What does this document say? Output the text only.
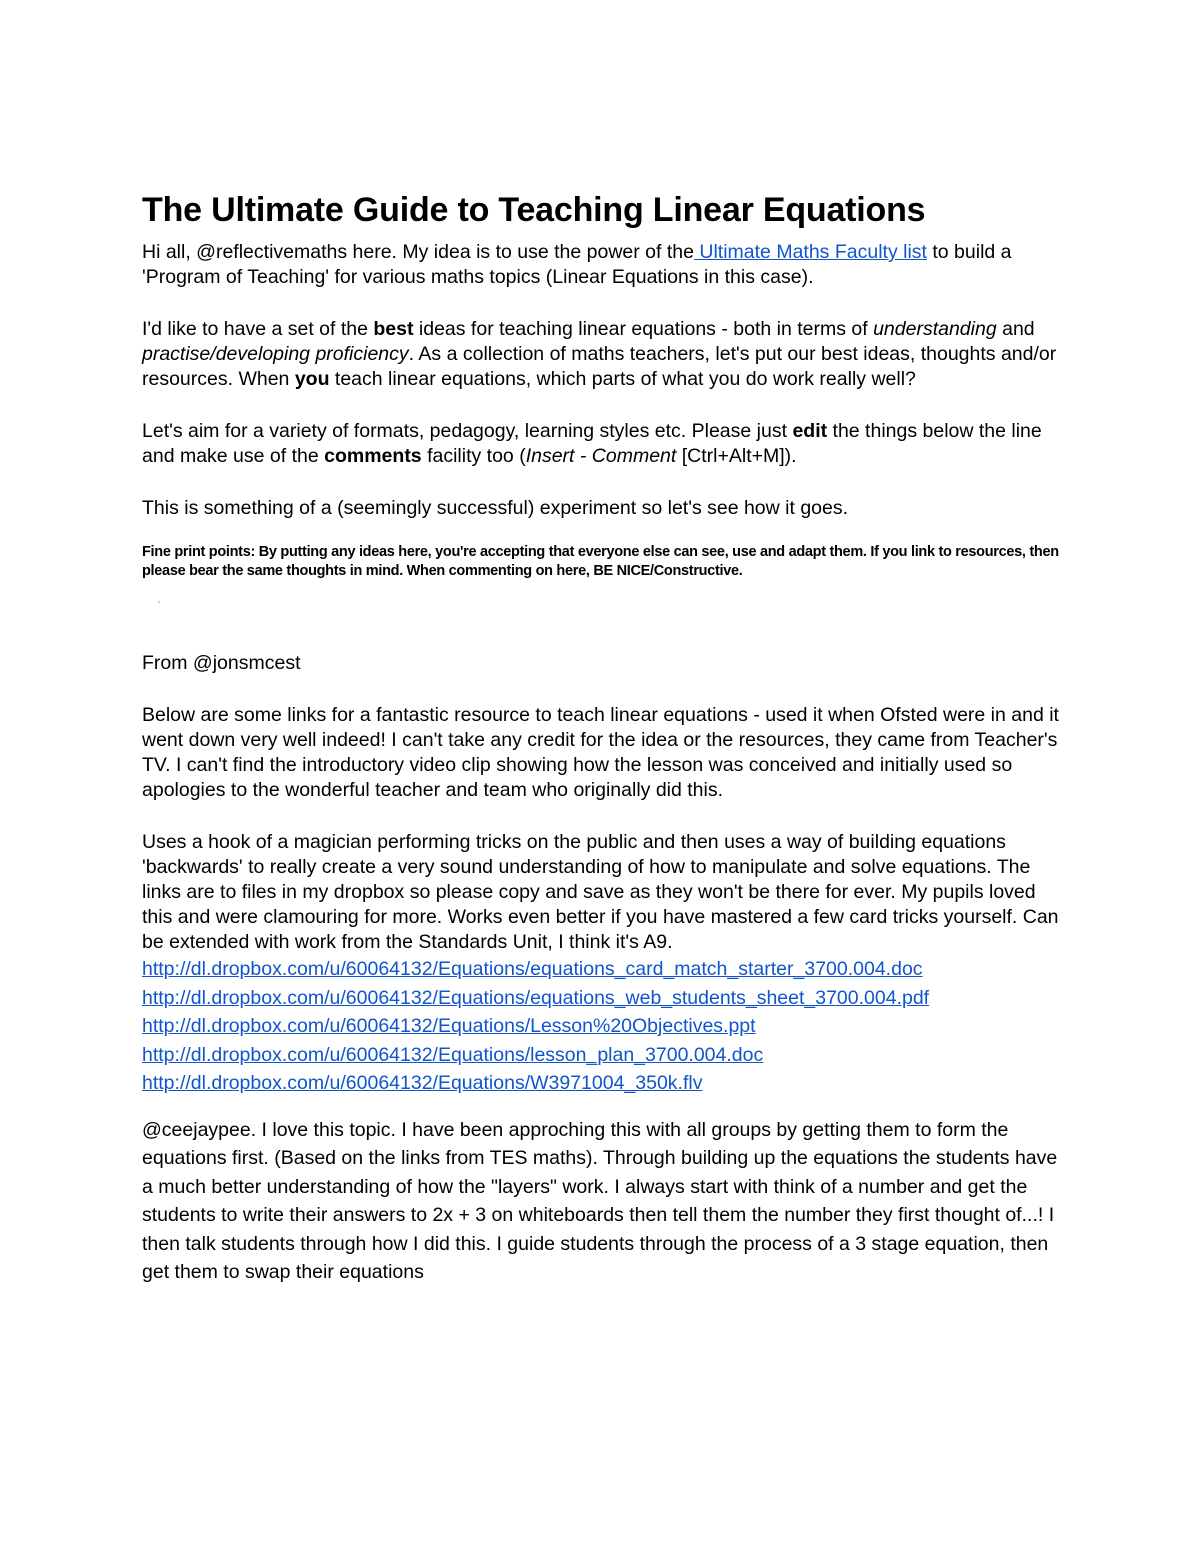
The Ultimate Guide to Teaching Linear Equations

Hi all, @reflectivemaths here. My idea is to use the power of the Ultimate Maths Faculty list to build a 'Program of Teaching' for various maths topics (Linear Equations in this case).

I'd like to have a set of the best ideas for teaching linear equations - both in terms of understanding and practise/developing proficiency. As a collection of maths teachers, let's put our best ideas, thoughts and/or resources. When you teach linear equations, which parts of what you do work really well?

Let's aim for a variety of formats, pedagogy, learning styles etc. Please just edit the things below the line and make use of the comments facility too (Insert - Comment [Ctrl+Alt+M]).

This is something of a (seemingly successful) experiment so let's see how it goes.

Fine print points: By putting any ideas here, you're accepting that everyone else can see, use and adapt them. If you link to resources, then please bear the same thoughts in mind. When commenting on here, BE NICE/Constructive.

'

From @jonsmcest

Below are some links for a fantastic resource to teach linear equations - used it when Ofsted were in and it went down very well indeed! I can't take any credit for the idea or the resources, they came from Teacher's TV. I can't find the introductory video clip showing how the lesson was conceived and initially used so apologies to the wonderful teacher and team who originally did this.

Uses a hook of a magician performing tricks on the public and then uses a way of building equations 'backwards' to really create a very sound understanding of how to manipulate and solve equations. The links are to files in my dropbox so please copy and save as they won't be there for ever. My pupils loved this and were clamouring for more. Works even better if you have mastered a few card tricks yourself. Can be extended with work from the Standards Unit, I think it's A9.

http://dl.dropbox.com/u/60064132/Equations/equations_card_match_starter_3700.004.doc

http://dl.dropbox.com/u/60064132/Equations/equations_web_students_sheet_3700.004.pdf

http://dl.dropbox.com/u/60064132/Equations/Lesson%20Objectives.ppt

http://dl.dropbox.com/u/60064132/Equations/lesson_plan_3700.004.doc

http://dl.dropbox.com/u/60064132/Equations/W3971004_350k.flv

@ceejaypee. I love this topic. I have been approching this with all groups by getting them to form the equations first. (Based on the links from TES maths). Through building up the equations the students have a much better understanding of how the "layers" work. I always start with think of a number and get the students to write their answers to 2x + 3 on whiteboards then tell them the number they first thought of...! I then talk students through how I did this. I guide students through the process of a 3 stage equation, then get them to swap their equations
